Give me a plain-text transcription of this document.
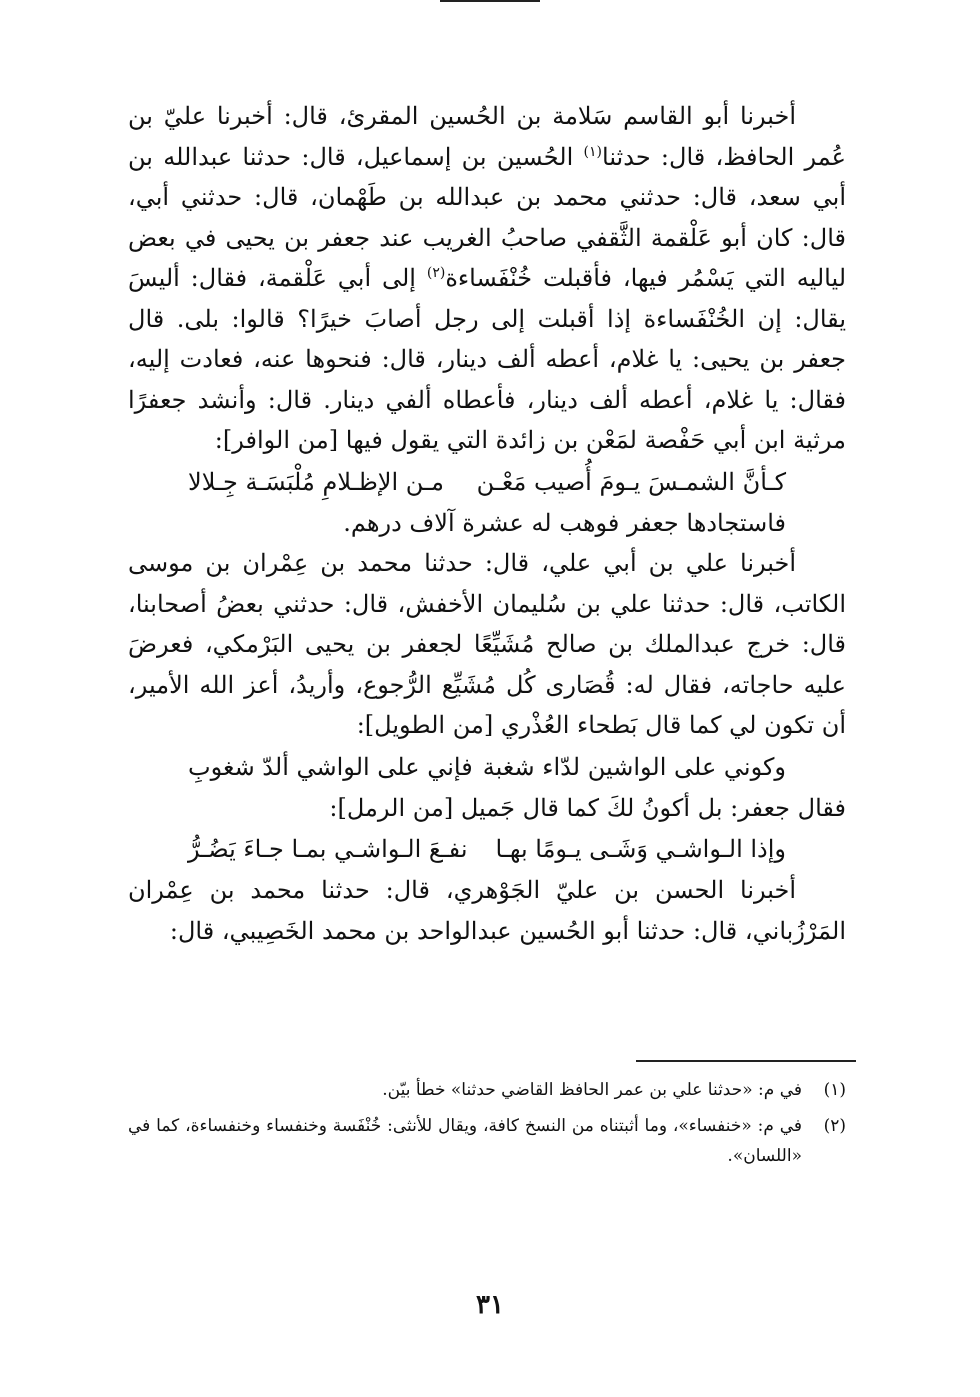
أخبرنا أبو القاسم سَلامة بن الحُسين المقرئ، قال: أخبرنا عليّ بن عُمر الحافظ، قال: حدثنا$^{(١)}$ الحُسين بن إسماعيل، قال: حدثنا عبدالله بن أبي سعد، قال: حدثني محمد بن عبدالله بن طَهْمان، قال: حدثني أبي، قال: كان أبو عَلْقمة الثَّقفي صاحبُ الغريب عند جعفر بن يحيى في بعض لياليه التي يَسْمُر فيها، فأقبلت خُنْفَساءة$^{(٢)}$ إلى أبي عَلْقمة، فقال: أليسَ يقال: إن الخُنْفَساءة إذا أقبلت إلى رجل أصابَ خيرًا؟ قالوا: بلى. قال جعفر بن يحيى: يا غلام، أعطه ألف دينار، قال: فنحوها عنه، فعادت إليه، فقال: يا غلام، أعطه ألف دينار، فأعطاه ألفي دينار. قال: وأنشد جعفرًا مرثية ابن أبي حَفْصة لمَعْن بن زائدة التي يقول فيها [من الوافر]:

كـأنَّ الشمـسَ يـومَ أُصيب مَعْـن
مـن الإظـلامِ مُلْبَسَـة جِـلالا

فاستجادها جعفر فوهب له عشرة آلاف درهم.

أخبرنا علي بن أبي علي، قال: حدثنا محمد بن عِمْران بن موسى الكاتب، قال: حدثنا علي بن سُليمان الأخفش، قال: حدثني بعضُ أصحابنا، قال: خرج عبدالملك بن صالح مُشَيِّعًا لجعفر بن يحيى البَرْمكي، فعرضَ عليه حاجاته، فقال له: قُصَارى كُل مُشَيِّع الرُّجوع، وأريدُ، أعز الله الأمير، أن تكون لي كما قال بَطحاء العُذْري [من الطويل]:

وكوني على الواشين لدّاء شغبة
فإني على الواشي ألدّ شغوبِ

فقال جعفر: بل أكونُ لكَ كما قال جَميل [من الرمل]:

وإذا الـواشـي وَشَـى يـومًا بهـا
نفـعَ الـواشـي بمـا جـاءَ يَضُـرُّ

أخبرنا الحسن بن عليّ الجَوْهري، قال: حدثنا محمد بن عِمْران المَرْزُباني، قال: حدثنا أبو الحُسين عبدالواحد بن محمد الخَصِيبي، قال:

(١)
في م: «حدثنا علي بن عمر الحافظ القاضي حدثنا» خطأ بيّن.
(٢)
في م: «خنفساء»، وما أثبتناه من النسخ كافة، ويقال للأنثى: خُنْفَسة وخنفساء وخنفساءة، كما في «اللسان».
٣١
